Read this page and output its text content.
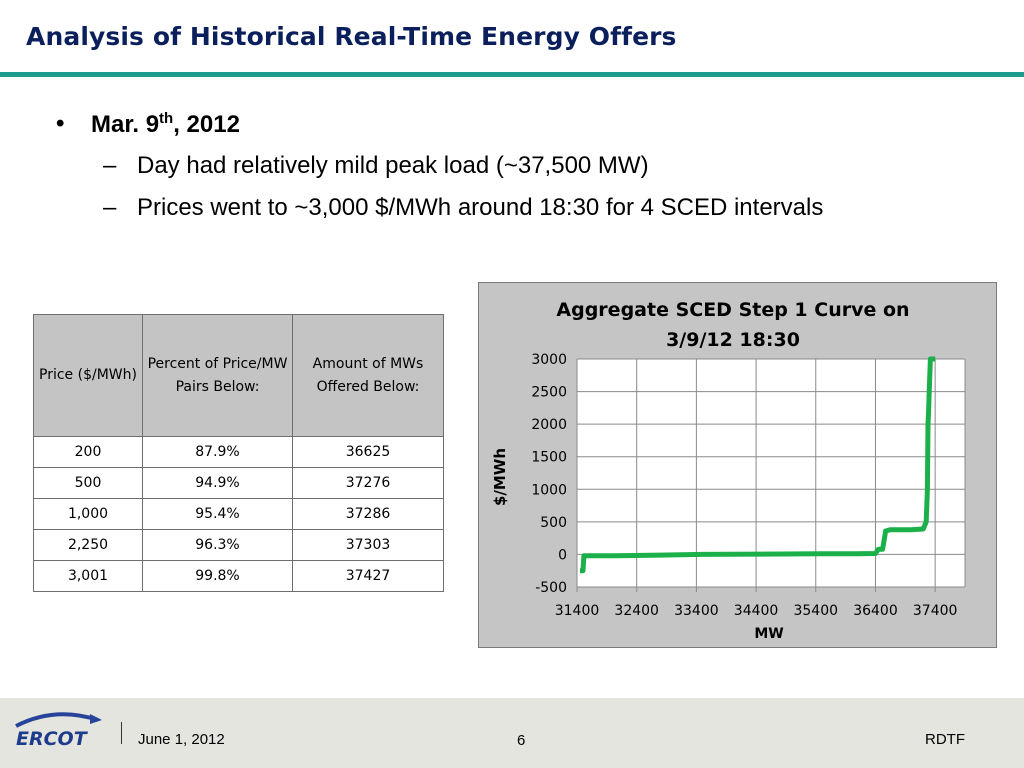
Analysis of Historical Real-Time Energy Offers
• Mar. 9th, 2012
– Day had relatively mild peak load (~37,500 MW)
– Prices went to ~3,000 $/MWh around 18:30 for 4 SCED intervals
Price ($/MWh)	Percent of Price/MW Pairs Below:	Amount of MWs Offered Below:
200	87.9%	36625
500	94.9%	37276
1,000	95.4%	37286
2,250	96.3%	37303
3,001	99.8%	37427
3000
2500
2000
1500
1000
500
0
-500
31400 32400 33400 34400 35400 36400 37400
Aggregate SCED Step 1 Curve on
3/9/12 18:30
MW
$/MWh
ERCOT	June 1, 2012	6	RDTF
